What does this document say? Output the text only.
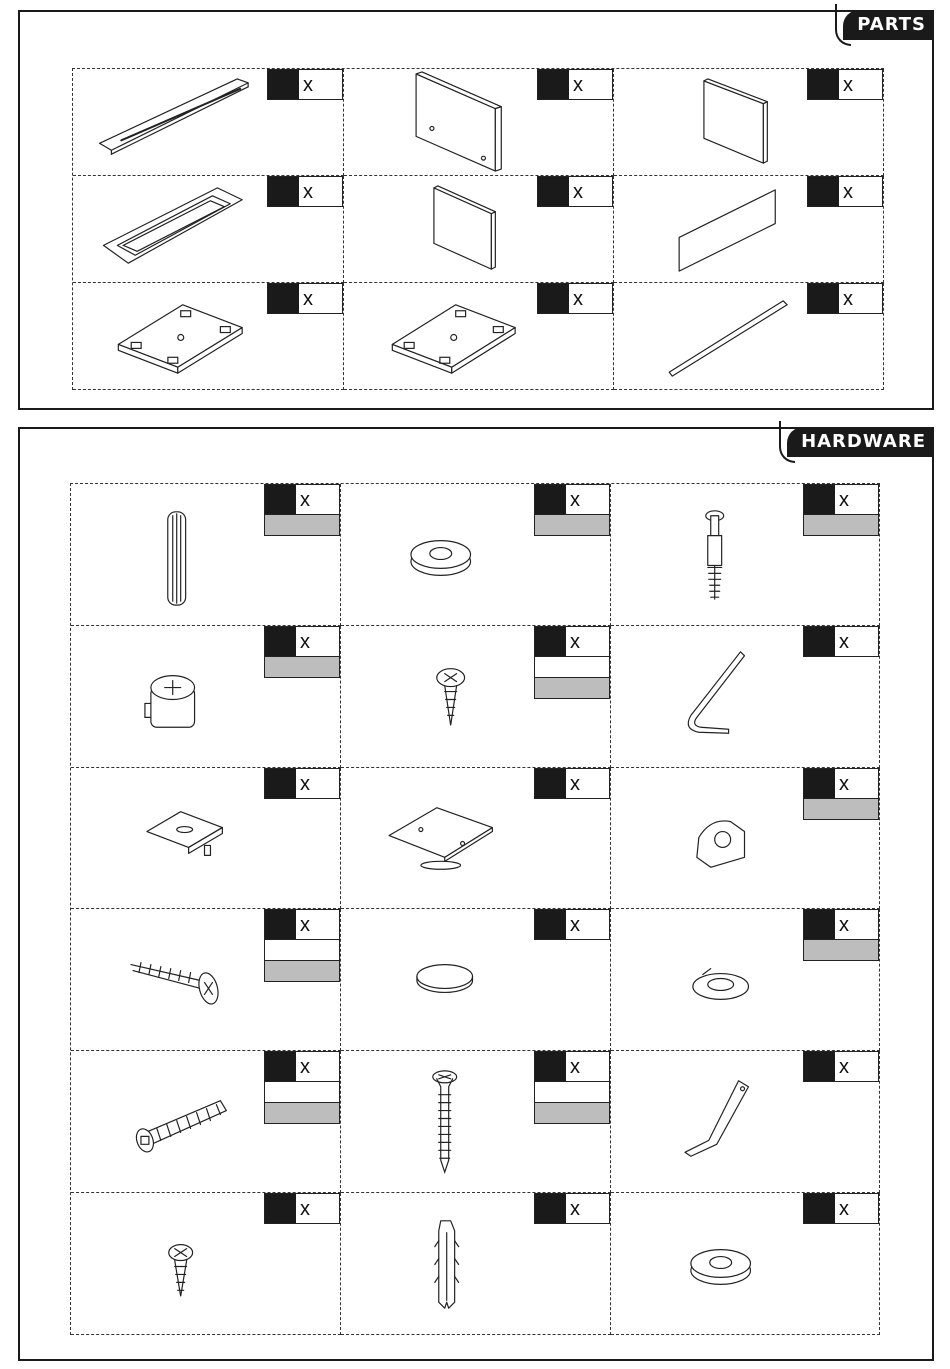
PARTS
x	x	x
x	x	x
x	x	x
HARDWARE
x	x	x
x	x	x
x	x	x
x	x	x
x	x	x
x	x	x
